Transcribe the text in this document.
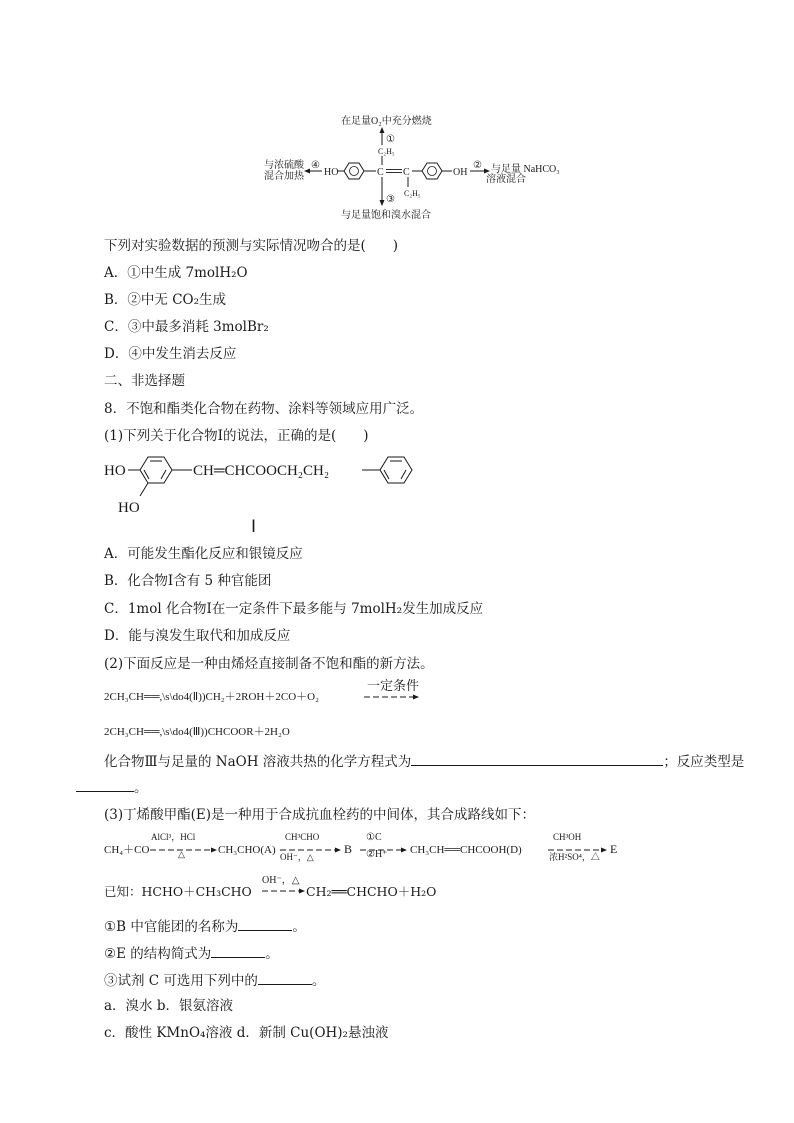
在足量O₂中充分燃烧
①
C₂H₅
④
与浓硫酸
混合加热 HO	C C	OH
② 与足量 NaHCO₃
溶液混合
C₂H₅
③
与足量饱和溴水混合
下列对实验数据的预测与实际情况吻合的是(　　)
A．①中生成 7molH₂O
B．②中无 CO₂生成
C．③中最多消耗 3molBr₂
D．④中发生消去反应
二、非选择题
8．不饱和酯类化合物在药物、涂料等领域应用广泛。
(1)下列关于化合物Ⅰ的说法，正确的是(　　)
HO
HO
CH═CHCOOCH₂CH₂
Ⅰ
A．可能发生酯化反应和银镜反应
B．化合物Ⅰ含有 5 种官能团
C．1mol 化合物Ⅰ在一定条件下最多能与 7molH₂发生加成反应
D．能与溴发生取代和加成反应
(2)下面反应是一种由烯烃直接制备不饱和酯的新方法。
2CH₃CH══,\s\do4(Ⅱ))CH₂＋2ROH＋2CO＋O₂
一定条件
2CH₃CH══,\s\do4(Ⅲ))CHCOOR＋2H₂O
化合物Ⅲ与足量的 NaOH 溶液共热的化学方程式为	；反应类型是
。
(3)丁烯酸甲酯(E)是一种用于合成抗血栓药的中间体，其合成路线如下：
CH₄＋CO
AlCl³，HCl
△	CH₃CHO(A)
CH³CHO
OH⁻，△
B
①C
②H⁺ CH₃CH══CHCOOH(D)
CH³OH
浓H²SO⁴，△
E
已知：HCHO＋CH₃CHO
OH⁻，△
CH₂══CHCHO＋H₂O
①B 中官能团的名称为	。
②E 的结构简式为	。
③试剂 C 可选用下列中的	。
a．溴水 b．银氨溶液
c．酸性 KMnO₄溶液 d．新制 Cu(OH)₂悬浊液
